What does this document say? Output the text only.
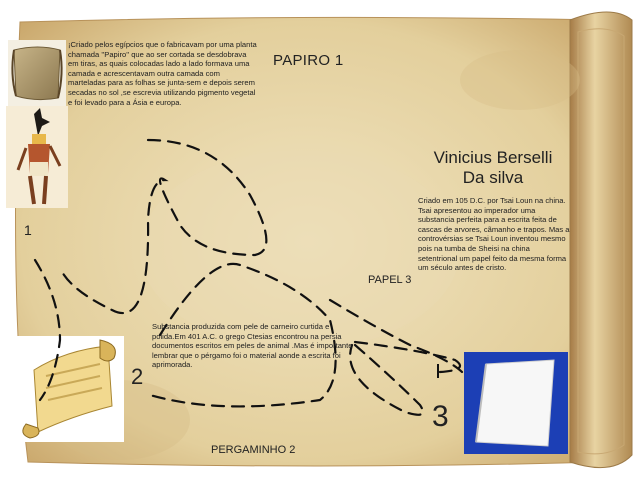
PAPIRO 1
Vinicius Berselli Da silva
PAPEL 3
PERGAMINHO 2
1
2
3
¡Criado pelos egípcios que o fabricavam por uma planta chamada ''Papiro'' que ao ser cortada se desdobrava em tiras, as quais colocadas lado a lado formava uma camada e acrescentavam outra camada com marteladas para as folhas se junta-sem e depois serem secadas no sol ,se escrevia utilizando pigmento vegetal e foi levado para a Ásia e europa.
Criado em 105 D.C. por Tsai Loun na china. Tsai apresentou ao imperador uma substancia perfeita para a escrita feita de cascas de arvores, cãmanho e trapos. Mas a controvérsias se Tsai Loun inventou mesmo pois na tumba de Sheisi na china setentrional um papel feito da mesma forma um século antes de cristo.
Substancia produzida com pele de carneiro curtida e polida.Em 401 A.C. o grego Ctesias encontrou na persia documentos escritos em peles de animal .Mas é importante lembrar que o pérgamo foi o material aonde a escrita foi aprimorada.
